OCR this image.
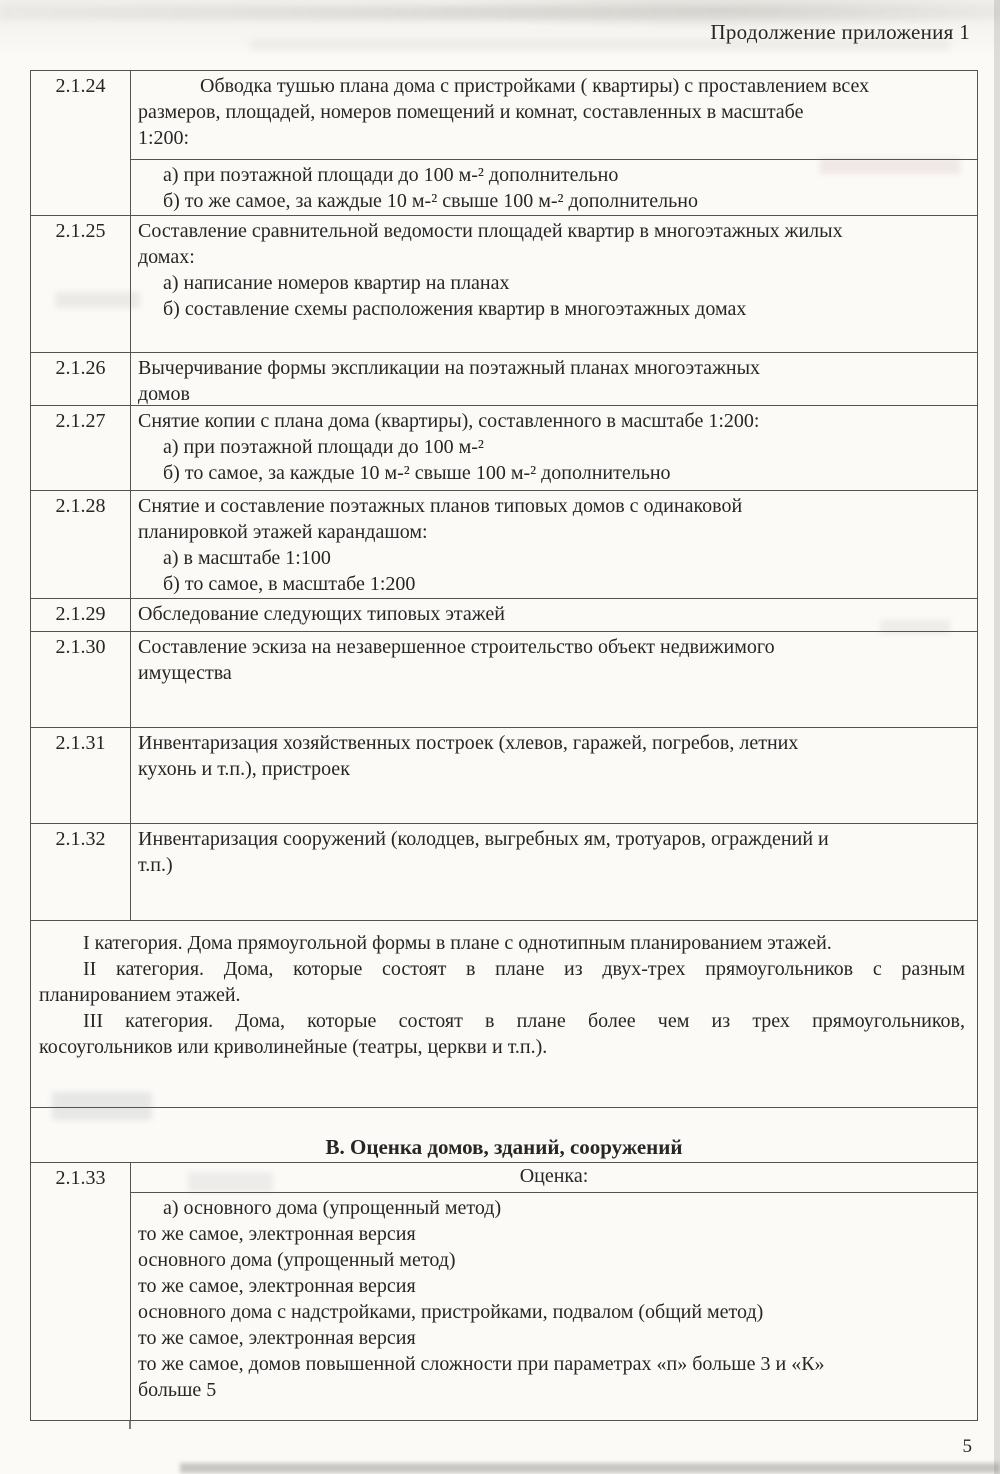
Продолжение приложения 1
2.1.24	Обводка тушью плана дома с пристройками ( квартиры) с проставлением всех
размеров, площадей, номеров помещений и комнат, составленных в масштабе
1:200:
а) при поэтажной площади до 100 м-² дополнительно
б) то же самое, за каждые 10 м-² свыше 100 м-² дополнительно
2.1.25	Составление сравнительной ведомости площадей квартир в многоэтажных жилых
домах:
а) написание номеров квартир на планах
б) составление схемы расположения квартир в многоэтажных домах
2.1.26	Вычерчивание формы экспликации на поэтажный планах многоэтажных
домов
2.1.27	Снятие копии с плана дома (квартиры), составленного в масштабе 1:200:
а) при поэтажной площади до 100 м-²
б) то самое, за каждые 10 м-² свыше 100 м-² дополнительно
2.1.28	Снятие и составление поэтажных планов типовых домов с одинаковой
планировкой этажей карандашом:
а) в масштабе 1:100
б) то самое, в масштабе 1:200
2.1.29	Обследование следующих типовых этажей
2.1.30	Составление эскиза на незавершенное строительство объект недвижимого
имущества
2.1.31	Инвентаризация хозяйственных построек (хлевов, гаражей, погребов, летних
кухонь и т.п.), пристроек
2.1.32	Инвентаризация сооружений (колодцев, выгребных ям, тротуаров, ограждений и
т.п.)
I категория. Дома прямоугольной формы в плане с однотипным планированием этажей.
II категория. Дома, которые состоят в плане из двух-трех прямоугольников с разным
планированием этажей.
III категория. Дома, которые состоят в плане более чем из трех прямоугольников,
косоугольников или криволинейные (театры, церкви и т.п.).
В. Оценка домов, зданий, сооружений
2.1.33	Оценка:
а) основного дома (упрощенный метод)
то же самое, электронная версия
основного дома (упрощенный метод)
то же самое, электронная версия
основного дома с надстройками, пристройками, подвалом (общий метод)
то же самое, электронная версия
то же самое, домов повышенной сложности при параметрах «п» больше 3 и «К»
больше 5
5
